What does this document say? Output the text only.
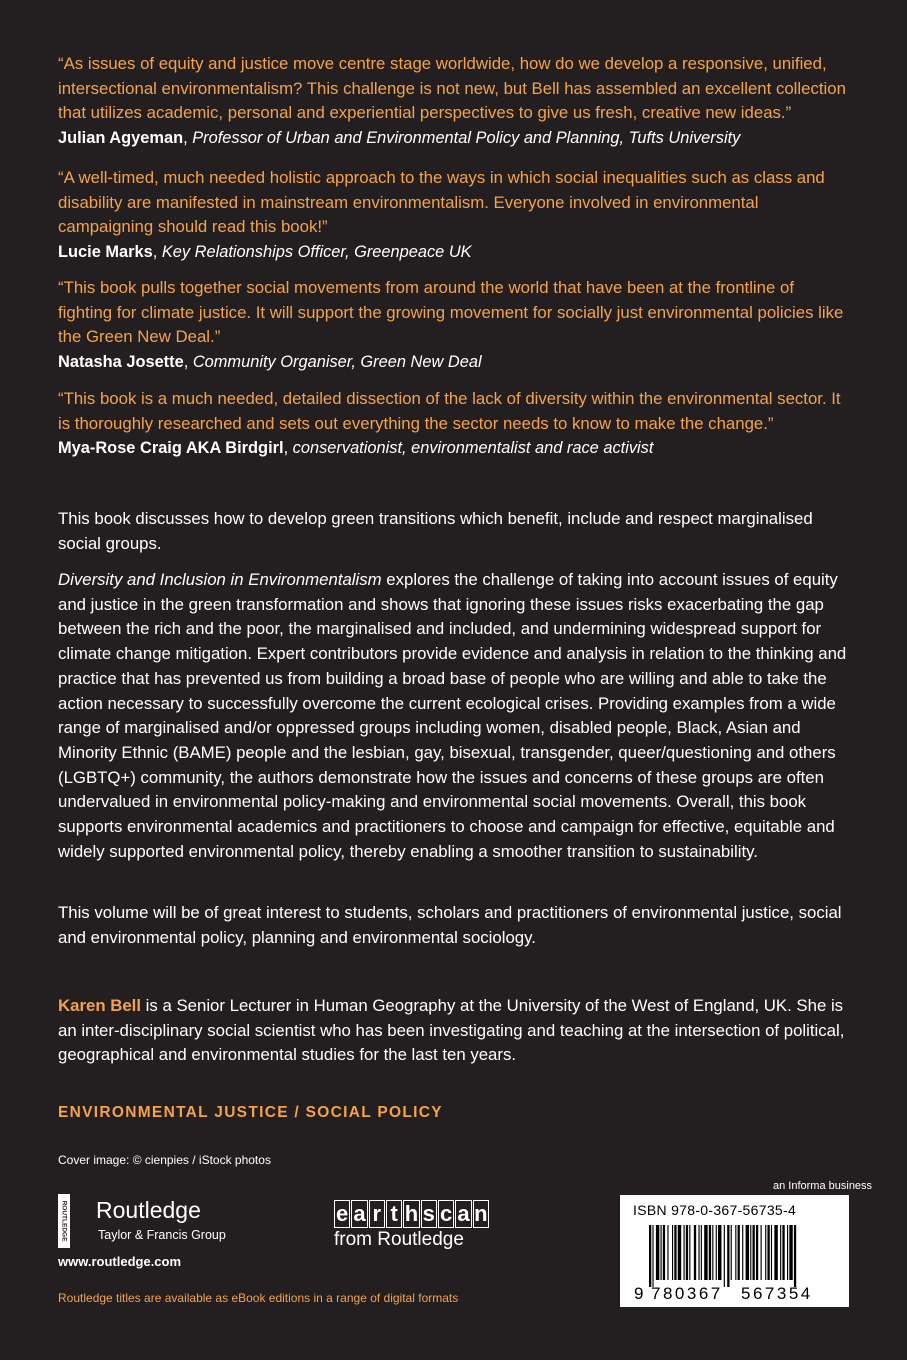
“As issues of equity and justice move centre stage worldwide, how do we develop a responsive, unified, intersectional environmentalism? This challenge is not new, but Bell has assembled an excellent collection that utilizes academic, personal and experiential perspectives to give us fresh, creative new ideas.”

Julian Agyeman, Professor of Urban and Environmental Policy and Planning, Tufts University

“A well-timed, much needed holistic approach to the ways in which social inequalities such as class and disability are manifested in mainstream environmentalism. Everyone involved in environmental campaigning should read this book!”

Lucie Marks, Key Relationships Officer, Greenpeace UK

“This book pulls together social movements from around the world that have been at the frontline of fighting for climate justice. It will support the growing movement for socially just environmental policies like the Green New Deal.”

Natasha Josette, Community Organiser, Green New Deal

“This book is a much needed, detailed dissection of the lack of diversity within the environmental sector. It is thoroughly researched and sets out everything the sector needs to know to make the change.”

Mya-Rose Craig AKA Birdgirl, conservationist, environmentalist and race activist

This book discusses how to develop green transitions which benefit, include and respect marginalised social groups.

Diversity and Inclusion in Environmentalism explores the challenge of taking into account issues of equity and justice in the green transformation and shows that ignoring these issues risks exacerbating the gap between the rich and the poor, the marginalised and included, and undermining widespread support for climate change mitigation. Expert contributors provide evidence and analysis in relation to the thinking and practice that has prevented us from building a broad base of people who are willing and able to take the action necessary to successfully overcome the current ecological crises. Providing examples from a wide range of marginalised and/or oppressed groups including women, disabled people, Black, Asian and Minority Ethnic (BAME) people and the lesbian, gay, bisexual, transgender, queer/questioning and others (LGBTQ+) community, the authors demonstrate how the issues and concerns of these groups are often undervalued in environmental policy-making and environmental social movements. Overall, this book supports environmental academics and practitioners to choose and campaign for effective, equitable and widely supported environmental policy, thereby enabling a smoother transition to sustainability.

This volume will be of great interest to students, scholars and practitioners of environmental justice, social and environmental policy, planning and environmental sociology.

Karen Bell is a Senior Lecturer in Human Geography at the University of the West of England, UK. She is an inter-disciplinary social scientist who has been investigating and teaching at the intersection of political, geographical and environmental studies for the last ten years.

ENVIRONMENTAL JUSTICE / SOCIAL POLICY

Cover image: © cienpies / iStock photos

ROUTLEDGE Routledge
Taylor & Francis Group

www.routledge.com

Routledge titles are available as eBook editions in a range of digital formats

e a r t h s c a n
from Routledge
an Informa business
ISBN 978-0-367-56735-4
9 780367 567354
